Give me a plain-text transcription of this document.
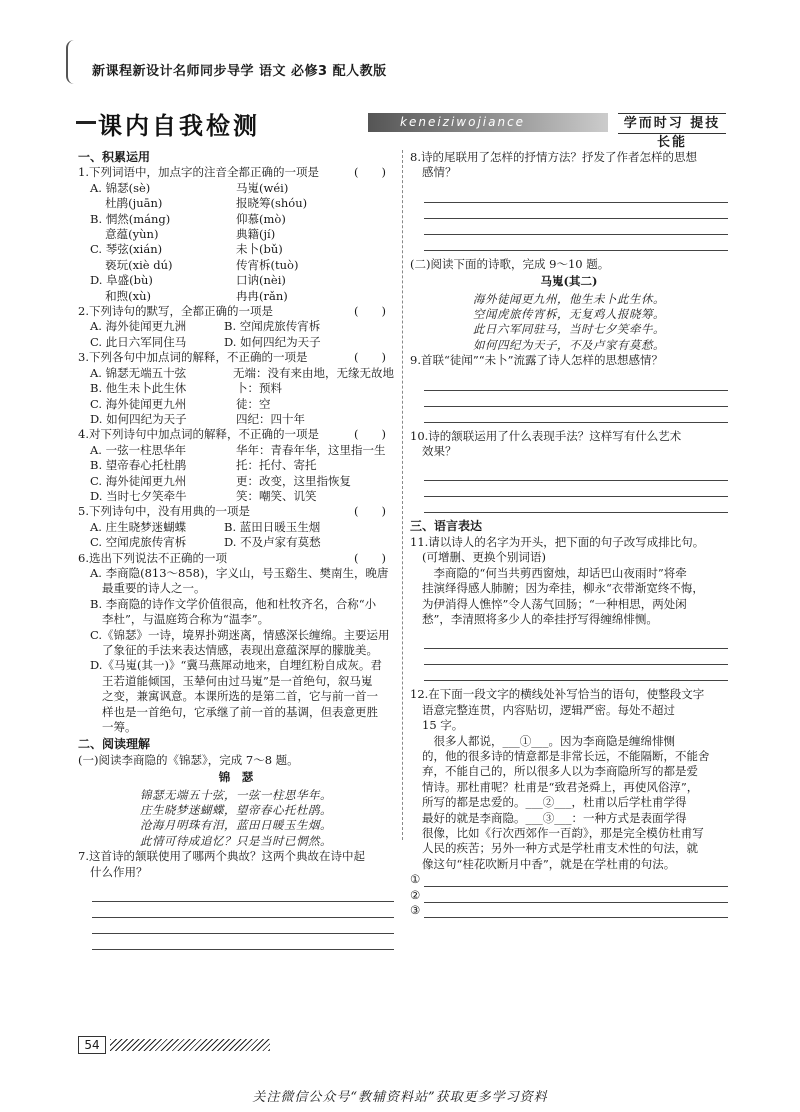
新课程新设计名师同步导学 语文 必修3 配人教版
课内自我检测	keneiziwojiance	学而时习 提技长能
一、积累运用
1.下列词语中，加点字的注音全都正确的一项是	(　　)
A. 锦瑟(sè)	马嵬(wéi)
　 杜鹃(juān)	报晓筹(shóu)
B. 惘然(máng)	仰慕(mò)
　 意蕴(yùn)	典籍(jí)
C. 琴弦(xián)	未卜(bǔ)
　 亵玩(xiè dú)	传宵柝(tuò)
D. 阜盛(bù)	口讷(nèi)
　 和煦(xù)	冉冉(rǎn)
2.下列诗句的默写，全都正确的一项是	(　　)
A. 海外徒闻更九洲	B. 空闻虎旅传宵柝
C. 此日六军同住马	D. 如何四纪为天子
3.下列各句中加点词的解释，不正确的一项是	(　　)
A. 锦瑟无端五十弦	无端：没有来由地，无缘无故地
B. 他生未卜此生休	卜：预料
C. 海外徒闻更九州	徒：空
D. 如何四纪为天子	四纪：四十年
4.对下列诗句中加点词的解释，不正确的一项是	(　　)
A. 一弦一柱思华年	华年：青春年华，这里指一生
B. 望帝春心托杜鹃	托：托付、寄托
C. 海外徒闻更九州	更：改变，这里指恢复
D. 当时七夕笑牵牛	笑：嘲笑、讥笑
5.下列诗句中，没有用典的一项是	(　　)
A. 庄生晓梦迷蝴蝶	B. 蓝田日暖玉生烟
C. 空闻虎旅传宵柝	D. 不及卢家有莫愁
6.选出下列说法不正确的一项	(　　)
A. 李商隐(813～858)，字义山，号玉谿生、樊南生，晚唐
最重要的诗人之一。
B. 李商隐的诗作文学价值很高，他和杜牧齐名，合称“小
李杜”，与温庭筠合称为“温李”。
C.《锦瑟》一诗，境界扑朔迷离，情感深长缠绵。主要运用
了象征的手法来表达情感，表现出意蕴深厚的朦胧美。
D.《马嵬(其一)》“冀马燕犀动地来，自埋红粉自成灰。君
王若道能倾国，玉辇何由过马嵬”是一首绝句，叙马嵬
之变，兼寓讽意。本课所选的是第二首，它与前一首一
样也是一首绝句，它承继了前一首的基调，但表意更胜
一筹。
二、阅读理解
(一)阅读李商隐的《锦瑟》，完成 7～8 题。
锦　瑟
锦瑟无端五十弦，一弦一柱思华年。
庄生晓梦迷蝴蝶，望帝春心托杜鹃。
沧海月明珠有泪，蓝田日暖玉生烟。
此情可待成追忆？只是当时已惘然。
7.这首诗的颔联使用了哪两个典故？这两个典故在诗中起
什么作用？
8.诗的尾联用了怎样的抒情方法？抒发了作者怎样的思想
感情？
(二)阅读下面的诗歌，完成 9～10 题。
马嵬(其二)
海外徒闻更九州，他生未卜此生休。
空闻虎旅传宵柝，无复鸡人报晓筹。
此日六军同驻马，当时七夕笑牵牛。
如何四纪为天子，不及卢家有莫愁。
9.首联“徒闻”“未卜”流露了诗人怎样的思想感情？
10.诗的颔联运用了什么表现手法？这样写有什么艺术
效果？
三、语言表达
11.请以诗人的名字为开头，把下面的句子改写成排比句。
(可增删、更换个别词语)
　李商隐的“何当共剪西窗烛，却话巴山夜雨时”将牵
挂演绎得感人肺腑；因为牵挂，柳永“衣带渐宽终不悔，
为伊消得人憔悴”令人荡气回肠；“一种相思，两处闲
愁”，李清照将多少人的牵挂抒写得缠绵悱恻。
12.在下面一段文字的横线处补写恰当的语句，使整段文字
语意完整连贯，内容贴切，逻辑严密。每处不超过
15 字。
　很多人都说，___①___。因为李商隐是缠绵悱恻
的，他的很多诗的情意都是非常长远，不能隔断，不能舍
弃，不能自己的，所以很多人以为李商隐所写的都是爱
情诗。那杜甫呢？杜甫是“致君尧舜上，再使风俗淳”，
所写的都是忠爱的。___②___，杜甫以后学杜甫学得
最好的就是李商隐。___③___：一种方式是表面学得
很像，比如《行次西郊作一百韵》，那是完全模仿杜甫写
人民的疾苦；另外一种方式是学杜甫支术性的句法，就
像这句“桂花吹断月中香”，就是在学杜甫的句法。
①
②
③
54
关注微信公众号“教辅资料站”获取更多学习资料
